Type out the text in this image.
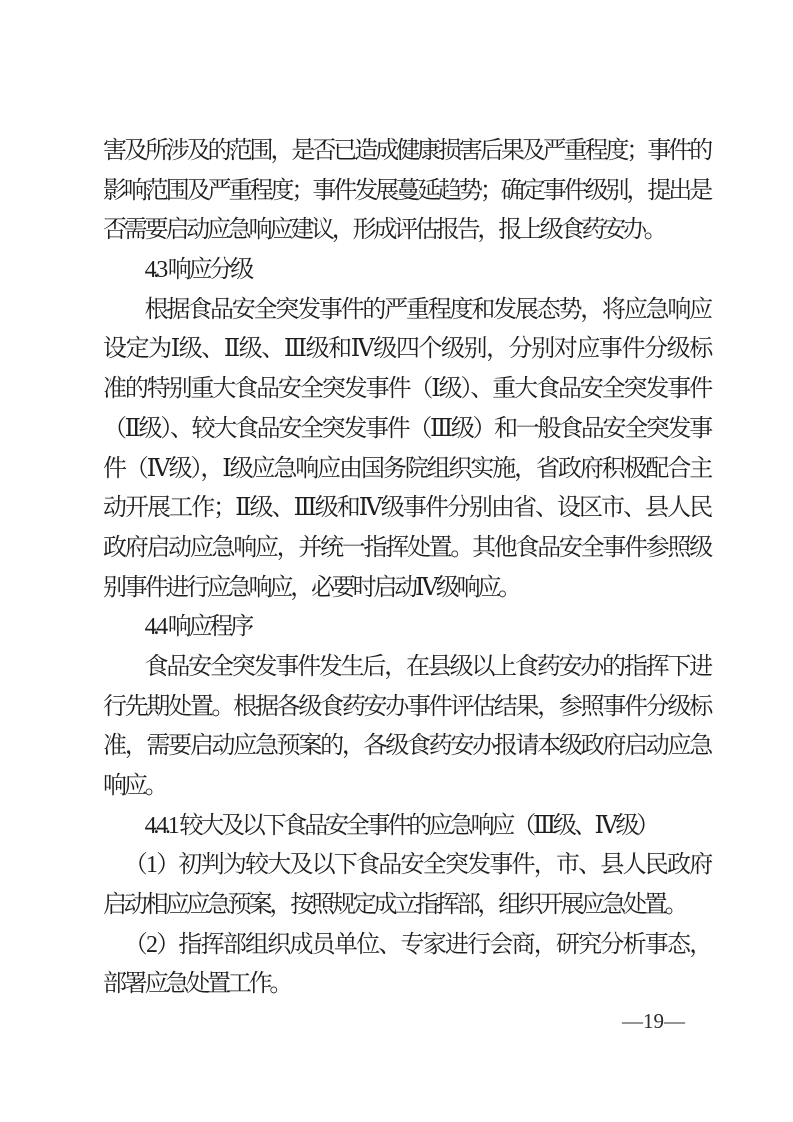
害及所涉及的范围，是否已造成健康损害后果及严重程度；事件的
影响范围及严重程度；事件发展蔓延趋势；确定事件级别，提出是
否需要启动应急响应建议，形成评估报告，报上级食药安办。
4.3 响应分级
根据食品安全突发事件的严重程度和发展态势，将应急响应
设定为Ⅰ级、Ⅱ级、Ⅲ级和Ⅳ级四个级别，分别对应事件分级标
准的特别重大食品安全突发事件（Ⅰ级）、重大食品安全突发事件
（Ⅱ级）、较大食品安全突发事件（Ⅲ级）和一般食品安全突发事
件（Ⅳ级），Ⅰ级应急响应由国务院组织实施，省政府积极配合主
动开展工作；Ⅱ级、Ⅲ级和Ⅳ级事件分别由省、设区市、县人民
政府启动应急响应，并统一指挥处置。其他食品安全事件参照级
别事件进行应急响应，必要时启动Ⅳ级响应。
4.4 响应程序
食品安全突发事件发生后，在县级以上食药安办的指挥下进
行先期处置。根据各级食药安办事件评估结果，参照事件分级标
准，需要启动应急预案的，各级食药安办报请本级政府启动应急
响应。
4.4.1 较大及以下食品安全事件的应急响应（Ⅲ级、Ⅳ级）
（1）初判为较大及以下食品安全突发事件，市、县人民政府
启动相应应急预案，按照规定成立指挥部，组织开展应急处置。
（2）指挥部组织成员单位、专家进行会商，研究分析事态，
部署应急处置工作。
—19—
